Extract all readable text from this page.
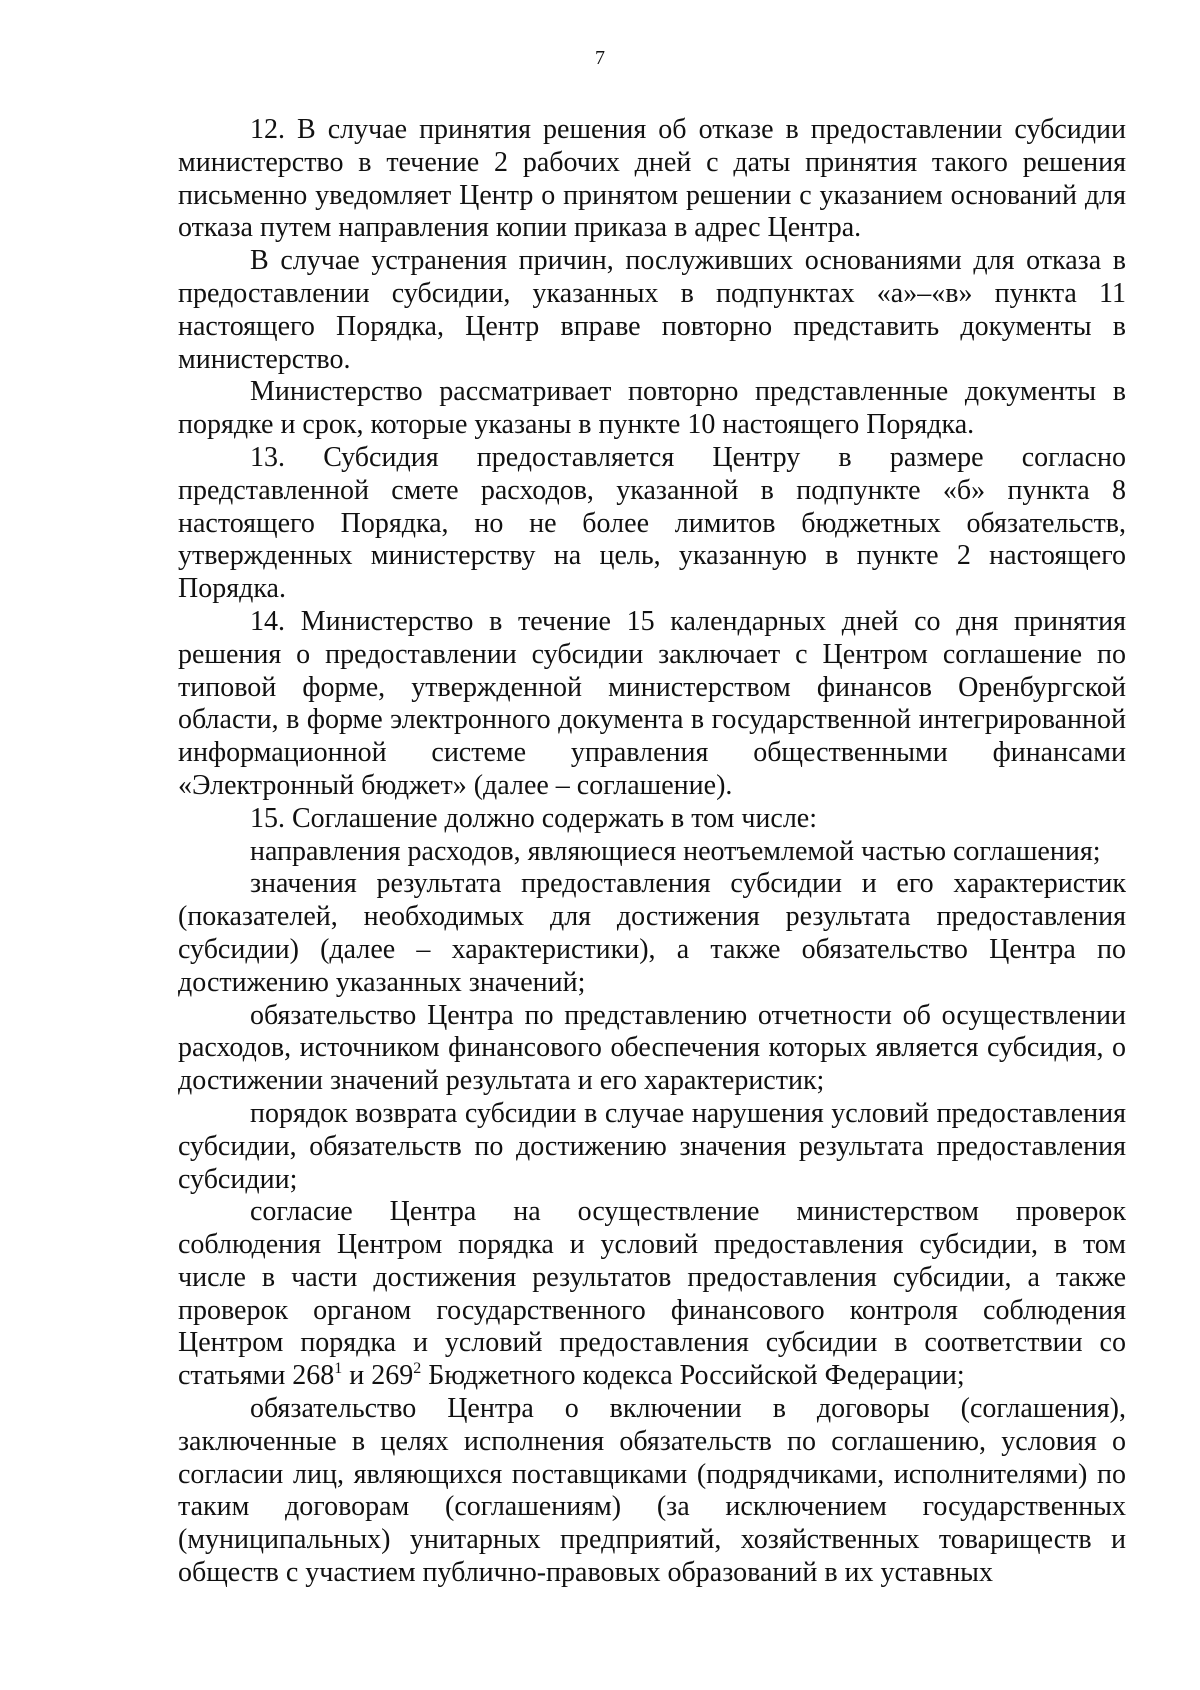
7

12. В случае принятия решения об отказе в предоставлении субсидии министерство в течение 2 рабочих дней с даты принятия такого решения письменно уведомляет Центр о принятом решении с указанием оснований для отказа путем направления копии приказа в адрес Центра.

В случае устранения причин, послуживших основаниями для отказа в предоставлении субсидии, указанных в подпунктах «а»–«в» пункта 11 настоящего Порядка, Центр вправе повторно представить документы в министерство.

Министерство рассматривает повторно представленные документы в порядке и срок, которые указаны в пункте 10 настоящего Порядка.

13. Субсидия предоставляется Центру в размере согласно представленной смете расходов, указанной в подпункте «б» пункта 8 настоящего Порядка, но не более лимитов бюджетных обязательств, утвержденных министерству на цель, указанную в пункте 2 настоящего Порядка.

14. Министерство в течение 15 календарных дней со дня принятия решения о предоставлении субсидии заключает с Центром соглашение по типовой форме, утвержденной министерством финансов Оренбургской области, в форме электронного документа в государственной интегрированной информационной системе управления общественными финансами «Электронный бюджет» (далее – соглашение).

15. Соглашение должно содержать в том числе:

направления расходов, являющиеся неотъемлемой частью соглашения;

значения результата предоставления субсидии и его характеристик (показателей, необходимых для достижения результата предоставления субсидии) (далее – характеристики), а также обязательство Центра по достижению указанных значений;

обязательство Центра по представлению отчетности об осуществлении расходов, источником финансового обеспечения которых является субсидия, о достижении значений результата и его характеристик;

порядок возврата субсидии в случае нарушения условий предоставления субсидии, обязательств по достижению значения результата предоставления субсидии;

согласие Центра на осуществление министерством проверок соблюдения Центром порядка и условий предоставления субсидии, в том числе в части достижения результатов предоставления субсидии, а также проверок органом государственного финансового контроля соблюдения Центром порядка и условий предоставления субсидии в соответствии со статьями $268^1$ и $269^2$ Бюджетного кодекса Российской Федерации;

обязательство Центра о включении в договоры (соглашения), заключенные в целях исполнения обязательств по соглашению, условия о согласии лиц, являющихся поставщиками (подрядчиками, исполнителями) по таким договорам (соглашениям) (за исключением государственных (муниципальных) унитарных предприятий, хозяйственных товариществ и обществ с участием публично-правовых образований в их уставных
